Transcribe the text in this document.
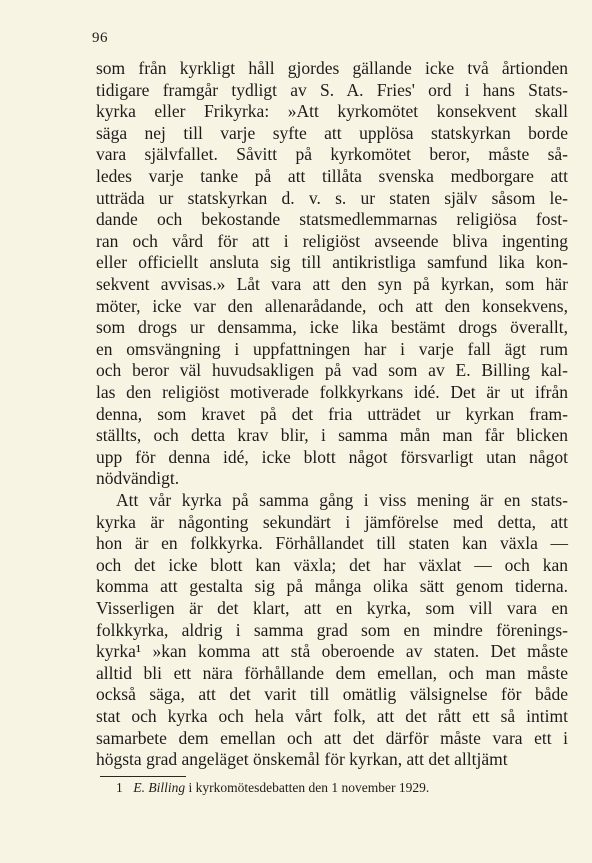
96
som från kyrkligt håll gjordes gällande icke två årtionden
tidigare framgår tydligt av S. A. Fries' ord i hans Stats-
kyrka eller Frikyrka: »Att kyrkomötet konsekvent skall
säga nej till varje syfte att upplösa statskyrkan borde
vara självfallet. Såvitt på kyrkomötet beror, måste så-
ledes varje tanke på att tillåta svenska medborgare att
utträda ur statskyrkan d. v. s. ur staten själv såsom le-
dande och bekostande statsmedlemmarnas religiösa fost-
ran och vård för att i religiöst avseende bliva ingenting
eller officiellt ansluta sig till antikristliga samfund lika kon-
sekvent avvisas.» Låt vara att den syn på kyrkan, som här
möter, icke var den allenarådande, och att den konsekvens,
som drogs ur densamma, icke lika bestämt drogs överallt,
en omsvängning i uppfattningen har i varje fall ägt rum
och beror väl huvudsakligen på vad som av E. Billing kal-
las den religiöst motiverade folkkyrkans idé. Det är ut ifrån
denna, som kravet på det fria utträdet ur kyrkan fram-
ställts, och detta krav blir, i samma mån man får blicken
upp för denna idé, icke blott något försvarligt utan något
nödvändigt.
Att vår kyrka på samma gång i viss mening är en stats-
kyrka är någonting sekundärt i jämförelse med detta, att
hon är en folkkyrka. Förhållandet till staten kan växla —
och det icke blott kan växla; det har växlat — och kan
komma att gestalta sig på många olika sätt genom tiderna.
Visserligen är det klart, att en kyrka, som vill vara en
folkkyrka, aldrig i samma grad som en mindre förenings-
kyrka¹ »kan komma att stå oberoende av staten. Det måste
alltid bli ett nära förhållande dem emellan, och man måste
också säga, att det varit till omätlig välsignelse för både
stat och kyrka och hela vårt folk, att det rått ett så intimt
samarbete dem emellan och att det därför måste vara ett i
högsta grad angeläget önskemål för kyrkan, att det alltjämt
1 E. Billing i kyrkomötesdebatten den 1 november 1929.
